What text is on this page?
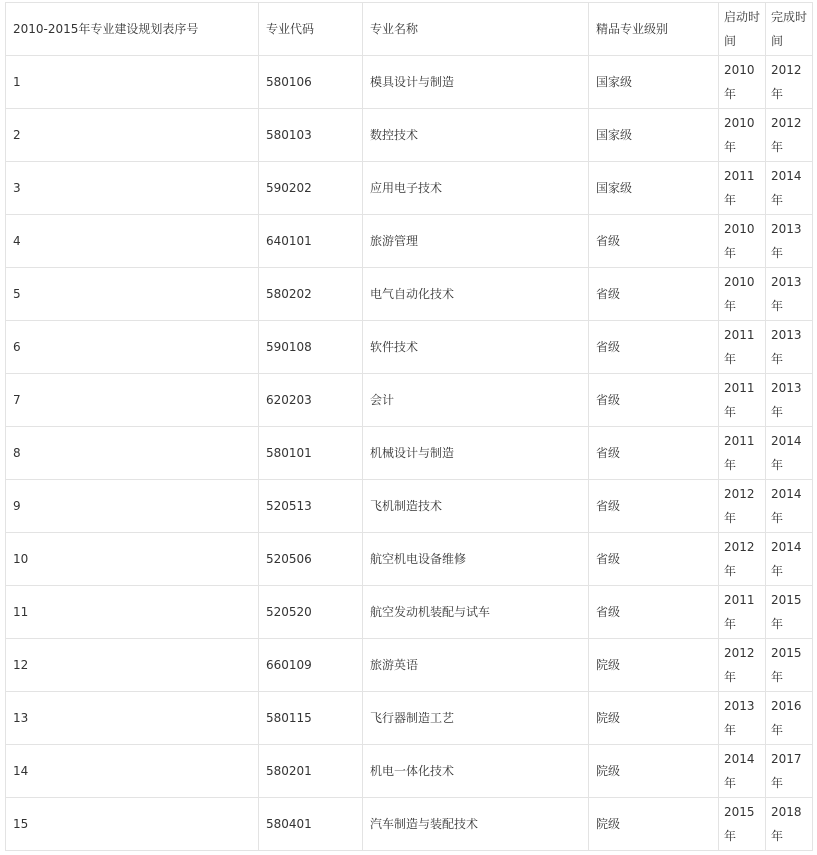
2010-2015年专业建设规划表序号	专业代码	专业名称	精品专业级别	启动时间	完成时间
1	580106	模具设计与制造	国家级	2010年	2012年
2	580103	数控技术	国家级	2010年	2012年
3	590202	应用电子技术	国家级	2011年	2014年
4	640101	旅游管理	省级	2010年	2013年
5	580202	电气自动化技术	省级	2010年	2013年
6	590108	软件技术	省级	2011年	2013年
7	620203	会计	省级	2011年	2013年
8	580101	机械设计与制造	省级	2011年	2014年
9	520513	飞机制造技术	省级	2012年	2014年
10	520506	航空机电设备维修	省级	2012年	2014年
11	520520	航空发动机装配与试车	省级	2011年	2015年
12	660109	旅游英语	院级	2012年	2015年
13	580115	飞行器制造工艺	院级	2013年	2016年
14	580201	机电一体化技术	院级	2014年	2017年
15	580401	汽车制造与装配技术	院级	2015年	2018年
